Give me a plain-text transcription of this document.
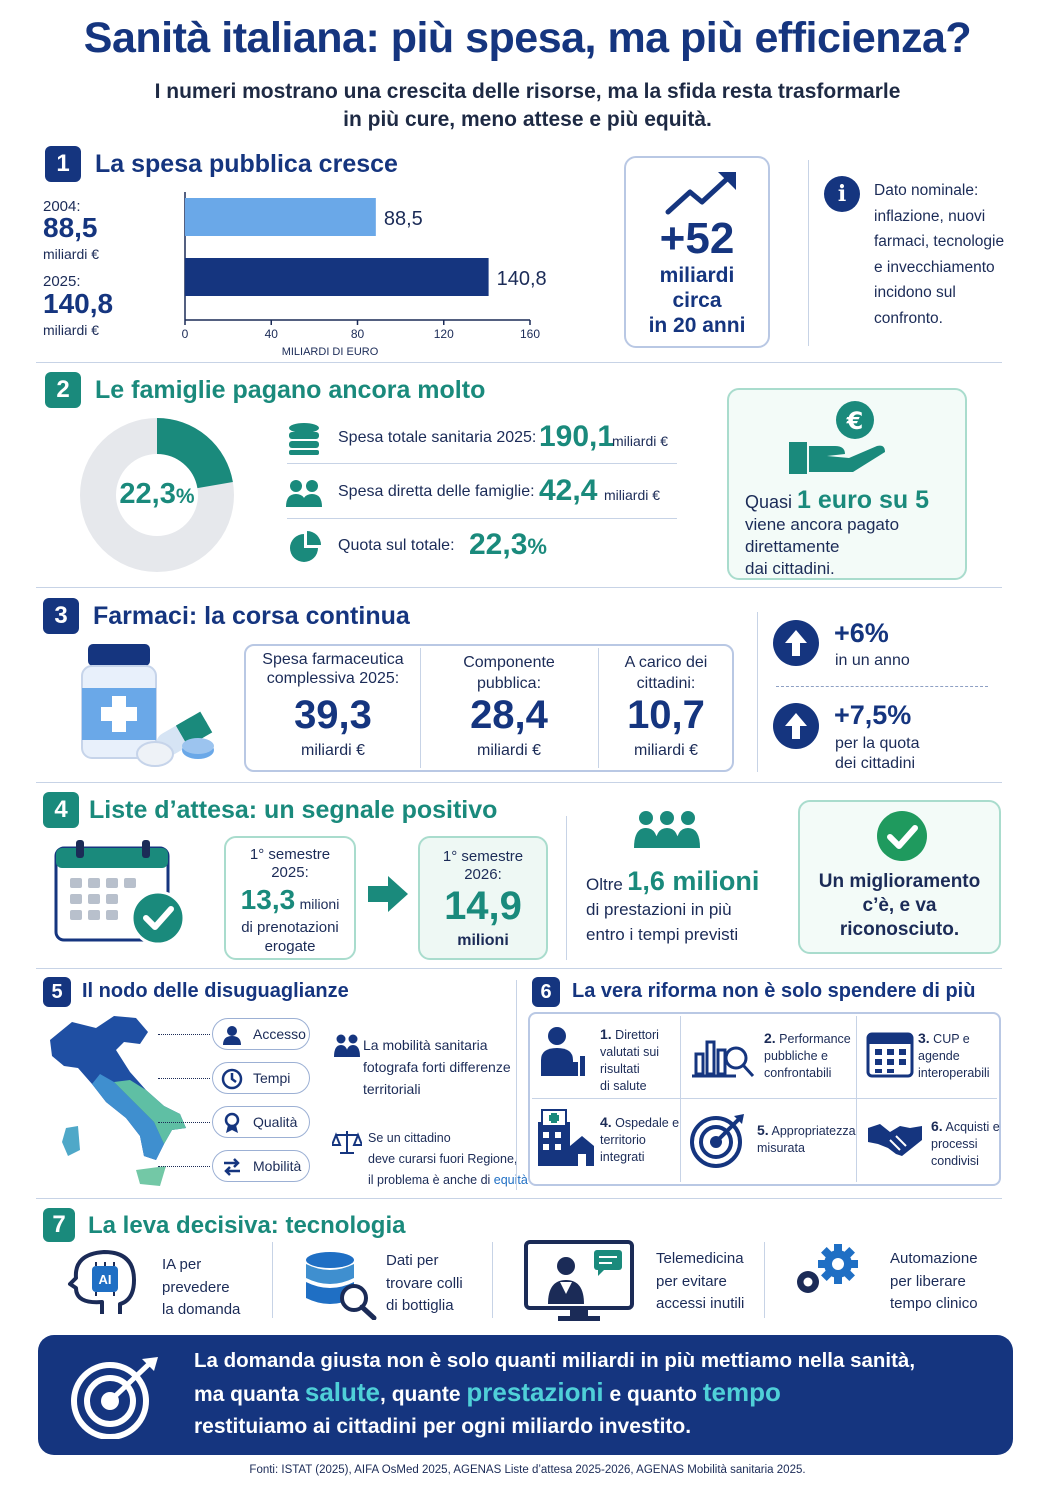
Sanità italiana: più spesa, ma più efficienza?
I numeri mostrano una crescita delle risorse, ma la sfida resta trasformarle
in più cure, meno attese e più equità.
1	La spesa pubblica cresce
2004:
88,5
miliardi €
2025:
140,8
miliardi €
88,5
140,8
0	40	80	120	160
MILIARDI DI EURO
+52
miliardi
circa
in 20 anni
i	Dato nominale:
inflazione, nuovi
farmaci, tecnologie
e invecchiamento
incidono sul
confronto.
2	Le famiglie pagano ancora molto
22,3%
Spesa totale sanitaria 2025: 190,1
miliardi €
Spesa diretta delle famiglie: 42,4 miliardi €
Quota sul totale: 22,3%
€
Quasi 1 euro su 5
viene ancora pagato
direttamente
dai cittadini.
3	Farmaci: la corsa continua
Spesa farmaceutica
complessiva 2025:
39,3
miliardi €
Componente
pubblica:
28,4
miliardi €
A carico dei
cittadini:
10,7
miliardi €
+6%
in un anno
+7,5%
per la quota
dei cittadini
4 Liste d’attesa: un segnale positivo
1° semestre
2025:
13,3 milioni
di prenotazioni
erogate
1° semestre
2026:
14,9
milioni
Oltre 1,6 milioni
di prestazioni in più
entro i tempi previsti
Un miglioramento
c’è, e va
riconosciuto.
5 Il nodo delle disuguaglianze
Accesso
Tempi
Qualità
Mobilità
La mobilità sanitaria
fotografa forti differenze
territoriali
Se un cittadino
deve curarsi fuori Regione,
il problema è anche di equità
6	La vera riforma non è solo spendere di più
1. Direttori
valutati sui
risultati
di salute
2. Performance
pubbliche e
confrontabili
3. CUP e
agende
interoperabili
4. Ospedale e
territorio
integrati
5. Appropriatezza
misurata
6. Acquisti e
processi
condivisi
7 La leva decisiva: tecnologia
AI
IA per
prevedere
la domanda
Dati per
trovare colli
di bottiglia
Telemedicina
per evitare
accessi inutili
Automazione
per liberare
tempo clinico
La domanda giusta non è solo quanti miliardi in più mettiamo nella sanità,
ma quanta salute, quante prestazioni e quanto tempo
restituiamo ai cittadini per ogni miliardo investito.
Fonti: ISTAT (2025), AIFA OsMed 2025, AGENAS Liste d’attesa 2025-2026, AGENAS Mobilità sanitaria 2025.
